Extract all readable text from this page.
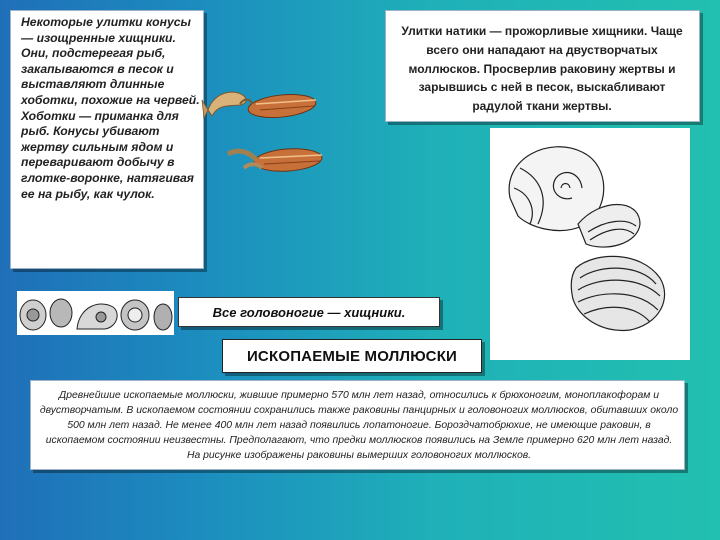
Некоторые улитки конусы — изощренные хищники. Они, подстерегая рыб, закапываются в песок и выставляют длинные хоботки, похожие на червей. Хоботки — приманка для рыб. Конусы убивают жертву сильным ядом и переваривают добычу в глотке-воронке, натягивая ее на рыбу, как чулок.
Улитки натики — прожорливые хищники. Чаще всего они нападают на двустворчатых моллюсков. Просверлив раковину жертвы и зарывшись с ней в песок, выскабливают радулой ткани жертвы.
Все головоногие — хищники.
ИСКОПАЕМЫЕ МОЛЛЮСКИ
Древнейшие ископаемые моллюски, жившие примерно 570 млн лет назад, относились к брюхоногим, моноплакофорам и двустворчатым. В ископаемом состоянии сохранились также раковины панцирных и головоногих моллюсков, обитавших около 500 млн лет назад. Не менее 400 млн лет назад появились лопатоногие. Бороздчатобрюхие, не имеющие раковин, в ископаемом состоянии неизвестны. Предполагают, что предки моллюсков появились на Земле примерно 620 млн лет назад. На рисунке изображены раковины вымерших головоногих моллюсков.
